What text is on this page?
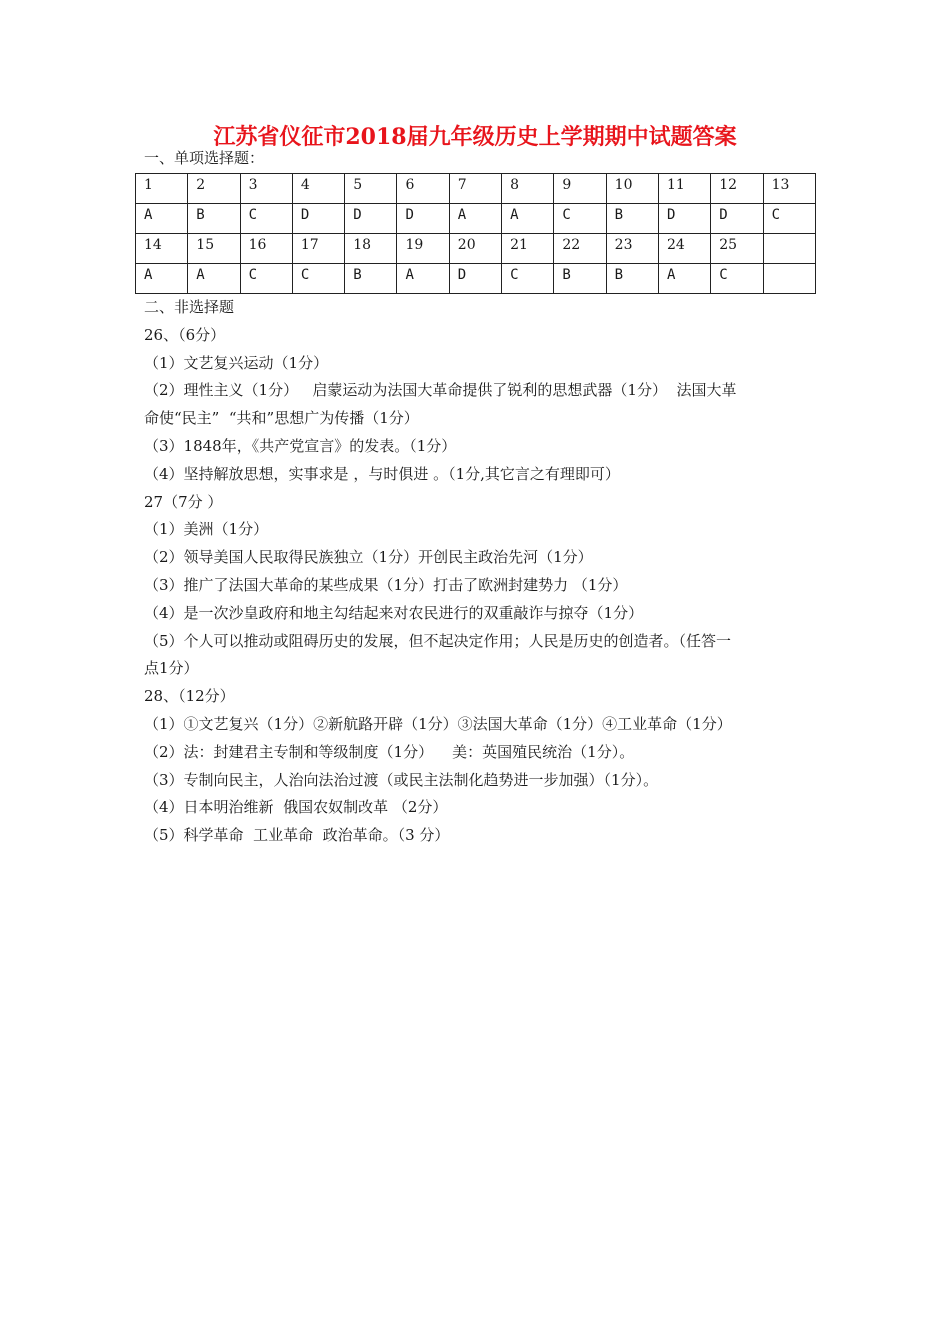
江苏省仪征市2018届九年级历史上学期期中试题答案
一、单项选择题：
1	2	3	4	5	6	7	8	9	10	11	12	13
A	B	C	D	D	D	A	A	C	B	D	D	C
14	15	16	17	18	19	20	21	22	23	24	25	
A	A	C	C	B	A	D	C	B	B	A	C	
二、非选择题
26、（6分）
（1）文艺复兴运动（1分）
（2）理性主义（1分）   启蒙运动为法国大革命提供了锐利的思想武器（1分）  法国大革
命使“民主”  “共和”思想广为传播（1分）
（3）1848年，《共产党宣言》的发表。（1分）
（4）坚持解放思想，实事求是 ，与时俱进 。（1分,其它言之有理即可）
27（7分 ）
（1）美洲（1分）
（2）领导美国人民取得民族独立（1分）开创民主政治先河（1分）
（3）推广了法国大革命的某些成果（1分）打击了欧洲封建势力 （1分）
（4）是一次沙皇政府和地主勾结起来对农民进行的双重敲诈与掠夺（1分）
（5）个人可以推动或阻碍历史的发展，但不起决定作用；人民是历史的创造者。（任答一
点1分）
28、（12分）
（1）①文艺复兴（1分）②新航路开辟（1分）③法国大革命（1分）④工业革命（1分）
（2）法：封建君主专制和等级制度（1分）    美：英国殖民统治（1分）。
（3）专制向民主，人治向法治过渡（或民主法制化趋势进一步加强）（1分）。
（4）日本明治维新  俄国农奴制改革 （2分）
（5）科学革命  工业革命  政治革命。（3 分）
